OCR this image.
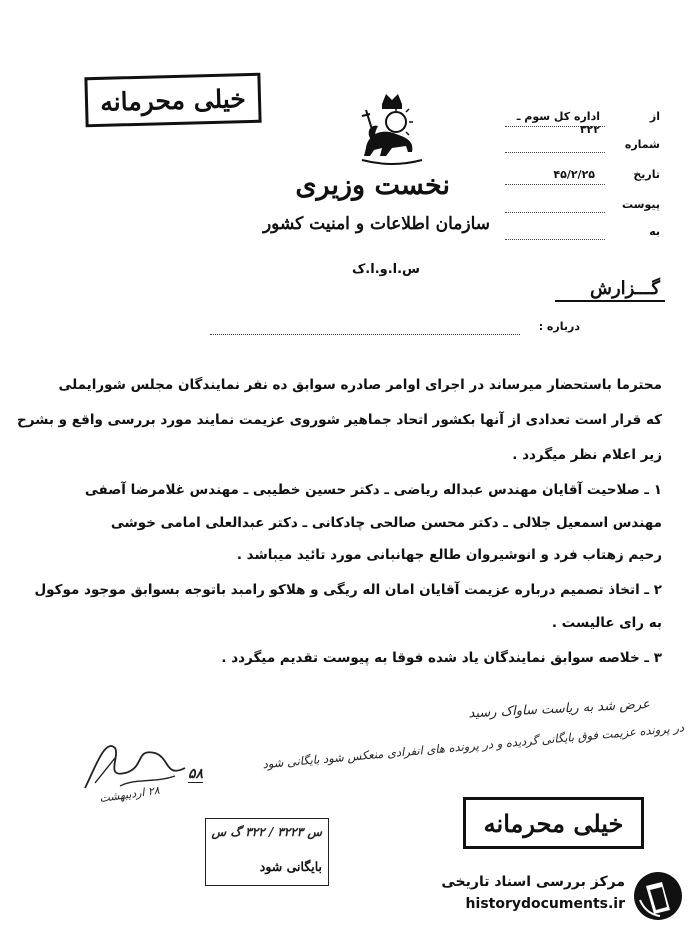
خیلی محرمانه
نخست وزیری
سازمان اطلاعات و امنیت کشور
س.ا.و.ا.ک
از
اداره کل سوم ـ ۳۲۲
شماره
تاریخ
۴۵/۲/۲۵
پیوست
به
گـــزارش
درباره :
محترما باستحضار میرساند در اجرای اوامر صادره سوابق ده نفر نمایندگان مجلس شورایملی
که قرار است تعدادی از آنها بکشور اتحاد جماهیر شوروی عزیمت نمایند مورد بررسی واقع و بشرح
زیر اعلام نظر میگردد .
۱ ـ صلاحیت آقایان مهندس عبداله ریاضی ـ دکتر حسین خطیبی ـ مهندس غلامرضا آصفی
مهندس اسمعیل جلالی ـ دکتر محسن صالحی چادکانی ـ دکتر عبدالعلی امامی خوشی
رحیم زهتاب فرد و انوشیروان طالع جهانبانی مورد تائید میباشد .
۲ ـ اتخاذ تصمیم درباره عزیمت آقایان امان اله ریگی و هلاکو رامبد باتوجه بسوابق موجود موکول
به رای عالیست .
۳ ـ خلاصه سوابق نمایندگان یاد شده فوقا به پیوست تقدیم میگردد .
عرض شد به ریاست ساواک رسید
در پرونده عزیمت فوق بایگانی گردیده و در پرونده های انفرادی منعکس شود بایگانی شود
۵۸
۲۸ اردیبهشت
س ۳۲۲۳ / ۳۲۲ گ س
بایگانی شود
خیلی محرمانه
مرکز بررسی اسناد تاریخی
historydocuments.ir
